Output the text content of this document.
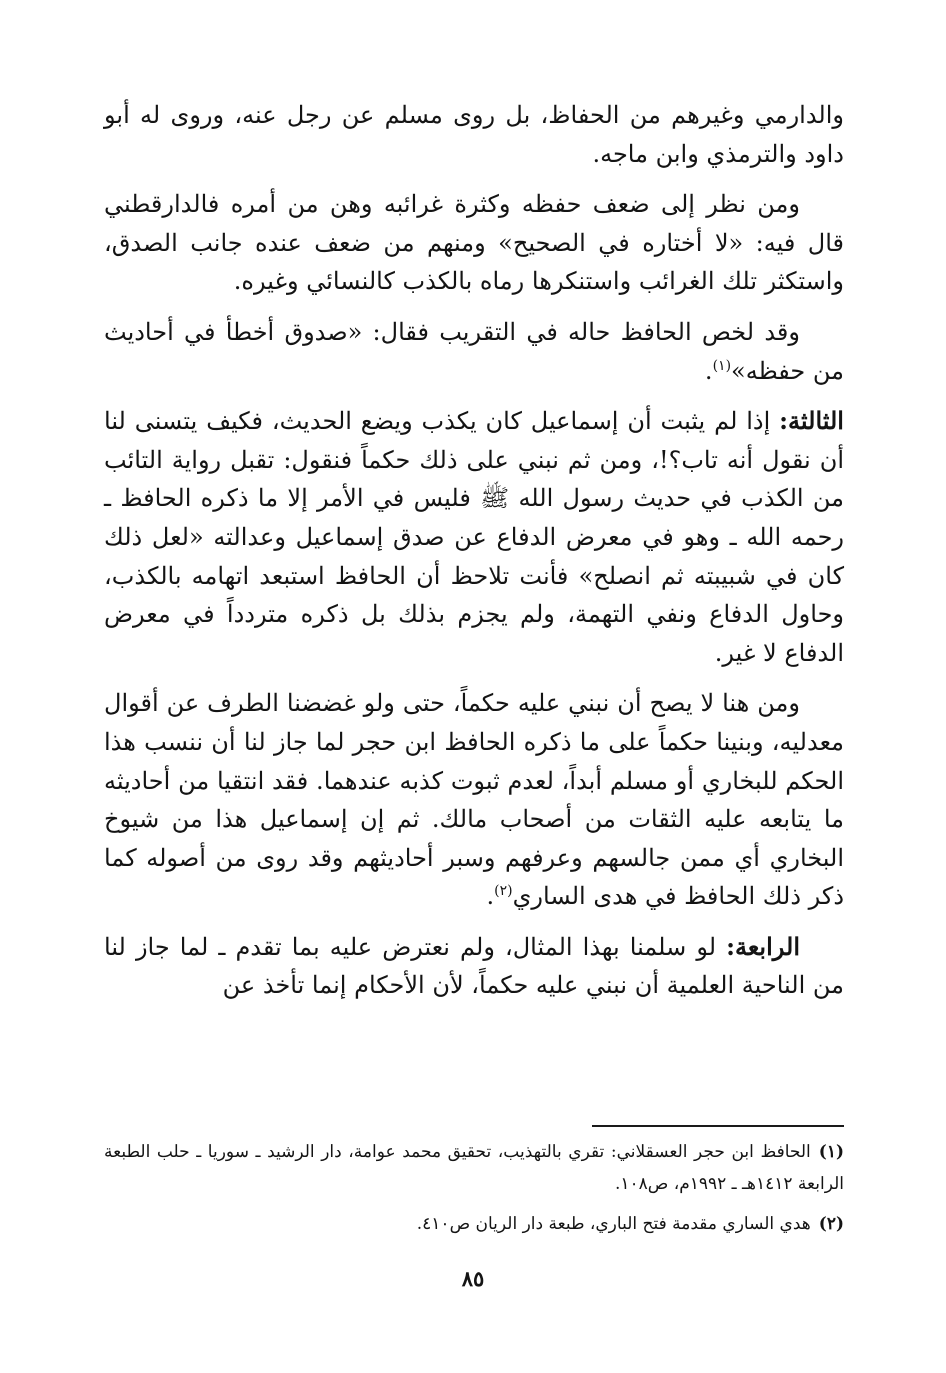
والدارمي وغيرهم من الحفاظ، بل روى مسلم عن رجل عنه، وروى له أبو داود والترمذي وابن ماجه.

ومن نظر إلى ضعف حفظه وكثرة غرائبه وهن من أمره فالدارقطني قال فيه: «لا أختاره في الصحيح» ومنهم من ضعف عنده جانب الصدق، واستكثر تلك الغرائب واستنكرها رماه بالكذب كالنسائي وغيره.

وقد لخص الحافظ حاله في التقريب فقال: «صدوق أخطأ في أحاديث من حفظه»$^{(١)}$.

الثالثة: إذا لم يثبت أن إسماعيل كان يكذب ويضع الحديث، فكيف يتسنى لنا أن نقول أنه تاب؟!، ومن ثم نبني على ذلك حكماً فنقول: تقبل رواية التائب من الكذب في حديث رسول الله ﷺ فليس في الأمر إلا ما ذكره الحافظ ـ رحمه الله ـ وهو في معرض الدفاع عن صدق إسماعيل وعدالته «لعل ذلك كان في شبيبته ثم انصلح» فأنت تلاحظ أن الحافظ استبعد اتهامه بالكذب، وحاول الدفاع ونفي التهمة، ولم يجزم بذلك بل ذكره متردداً في معرض الدفاع لا غير.

ومن هنا لا يصح أن نبني عليه حكماً، حتى ولو غضضنا الطرف عن أقوال معدليه، وبنينا حكماً على ما ذكره الحافظ ابن حجر لما جاز لنا أن ننسب هذا الحكم للبخاري أو مسلم أبداً، لعدم ثبوت كذبه عندهما. فقد انتقيا من أحاديثه ما يتابعه عليه الثقات من أصحاب مالك. ثم إن إسماعيل هذا من شيوخ البخاري أي ممن جالسهم وعرفهم وسبر أحاديثهم وقد روى من أصوله كما ذكر ذلك الحافظ في هدى الساري$^{(٢)}$.

الرابعة: لو سلمنا بهذا المثال، ولم نعترض عليه بما تقدم ـ لما جاز لنا من الناحية العلمية أن نبني عليه حكماً، لأن الأحكام إنما تأخذ عن

(١)الحافظ ابن حجر العسقلاني: تقري بالتهذيب، تحقيق محمد عوامة، دار الرشيد ـ سوريا ـ حلب الطبعة الرابعة ١٤١٢هـ ـ ١٩٩٢م، ص١٠٨.

(٢)هدي الساري مقدمة فتح الباري، طبعة دار الريان ص٤١٠.

٨٥
